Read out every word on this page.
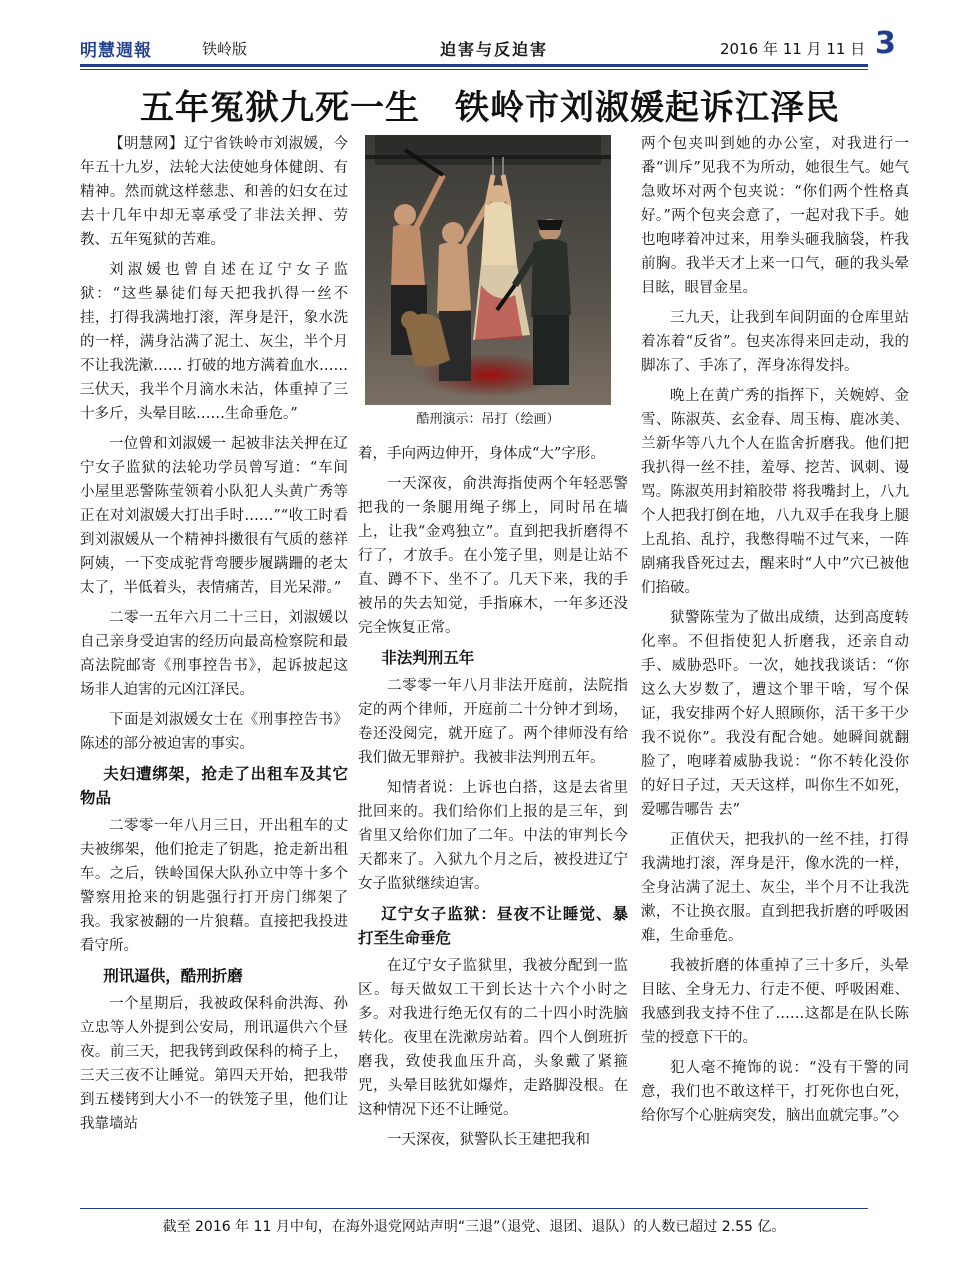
明慧週報	铁岭版	迫害与反迫害	2016 年 11 月 11 日 3
五年冤狱九死一生　铁岭市刘淑媛起诉江泽民

【明慧网】辽宁省铁岭市刘淑媛，今年五十九岁，法轮大法使她身体健朗、有精神。然而就这样慈悲、和善的妇女在过去十几年中却无辜承受了非法关押、劳教、五年冤狱的苦难。

刘淑媛也曾自述在辽宁女子监狱：“这些暴徒们每天把我扒得一丝不挂，打得我满地打滚，浑身是汗，象水洗的一样，满身沾满了泥土、灰尘，半个月不让我洗漱…… 打破的地方满着血水……三伏天，我半个月滴水未沾，体重掉了三十多斤，头晕目眩……生命垂危。”

一位曾和刘淑媛一 起被非法关押在辽宁女子监狱的法轮功学员曾写道：“车间小屋里恶警陈莹领着小队犯人头黄广秀等正在对刘淑媛大打出手时……”“收工时看到刘淑媛从一个精神抖擞很有气质的慈祥阿姨，一下变成驼背弯腰步履蹒跚的老太太了，半低着头，表情痛苦，目光呆滞。”

二零一五年六月二十三日，刘淑媛以自己亲身受迫害的经历向最高检察院和最高法院邮寄《刑事控告书》，起诉披起这场非人迫害的元凶江泽民。

下面是刘淑媛女士在《刑事控告书》陈述的部分被迫害的事实。

夫妇遭绑架，抢走了出租车及其它物品

二零零一年八月三日，开出租车的丈夫被绑架，他们抢走了钥匙，抢走新出租车。之后，铁岭国保大队孙立中等十多个警察用抢来的钥匙强行打开房门绑架了我。我家被翻的一片狼藉。直接把我投进看守所。

刑讯逼供，酷刑折磨

一个星期后，我被政保科俞洪海、孙立忠等人外提到公安局，刑讯逼供六个昼夜。前三天，把我铐到政保科的椅子上，三天三夜不让睡觉。第四天开始，把我带到五楼铐到大小不一的铁笼子里，他们让我靠墙站

酷刑演示：吊打（绘画）

着，手向两边伸开，身体成“大”字形。

一天深夜，俞洪海指使两个年轻恶警把我的一条腿用绳子绑上，同时吊在墙上，让我“金鸡独立”。直到把我折磨得不行了，才放手。在小笼子里，则是让站不直、蹲不下、坐不了。几天下来，我的手被吊的失去知觉，手指麻木，一年多还没完全恢复正常。

非法判刑五年

二零零一年八月非法开庭前，法院指定的两个律师，开庭前二十分钟才到场，卷还没阅完，就开庭了。两个律师没有给我们做无罪辩护。我被非法判刑五年。

知情者说：上诉也白搭，这是去省里批回来的。我们给你们上报的是三年，到省里又给你们加了二年。中法的审判长今天都来了。入狱九个月之后，被投进辽宁女子监狱继续迫害。

辽宁女子监狱：昼夜不让睡觉、暴打至生命垂危

在辽宁女子监狱里，我被分配到一监区。每天做奴工干到长达十六个小时之多。对我进行绝无仅有的二十四小时洗脑转化。夜里在洗漱房站着。四个人倒班折磨我，致使我血压升高，头象戴了紧箍咒，头晕目眩犹如爆炸，走路脚没根。在这种情况下还不让睡觉。

一天深夜，狱警队长王建把我和

两个包夹叫到她的办公室，对我进行一番“训斥”见我不为所动，她很生气。她气急败坏对两个包夹说：“你们两个性格真好。”两个包夹会意了，一起对我下手。她也咆哮着冲过来，用拳头砸我脑袋，杵我前胸。我半天才上来一口气，砸的我头晕目眩，眼冒金星。

三九天，让我到车间阴面的仓库里站着冻着“反省”。包夹冻得来回走动，我的脚冻了、手冻了，浑身冻得发抖。

晚上在黄广秀的指挥下，关婉婷、金雪、陈淑英、玄金春、周玉梅、鹿冰美、兰新华等八九个人在监舍折磨我。他们把我扒得一丝不挂，羞辱、挖苦、讽刺、谩骂。陈淑英用封箱胶带 将我嘴封上，八九个人把我打倒在地，八九双手在我身上腿上乱掐、乱拧，我憋得喘不过气来，一阵剧痛我昏死过去，醒来时“人中”穴已被他们掐破。

狱警陈莹为了做出成绩，达到高度转化率。不但指使犯人折磨我，还亲自动手、威胁恐吓。一次，她找我谈话：“你这么大岁数了，遭这个罪干啥，写个保证，我安排两个好人照顾你，活干多干少我不说你”。我没有配合她。她瞬间就翻脸了，咆哮着威胁我说：“你不转化没你的好日子过，天天这样，叫你生不如死，爱哪告哪告 去”

正值伏天，把我扒的一丝不挂，打得我满地打滚，浑身是汗，像水洗的一样，全身沾满了泥土、灰尘，半个月不让我洗漱，不让换衣服。直到把我折磨的呼吸困难，生命垂危。

我被折磨的体重掉了三十多斤，头晕目眩、全身无力、行走不便、呼吸困难、我感到我支持不住了……这都是在队长陈莹的授意下干的。

犯人毫不掩饰的说：“没有干警的同意，我们也不敢这样干，打死你也白死，给你写个心脏病突发，脑出血就完事。”◇

截至 2016 年 11 月中旬，在海外退党网站声明“三退”（退党、退团、退队）的人数已超过 2.55 亿。
